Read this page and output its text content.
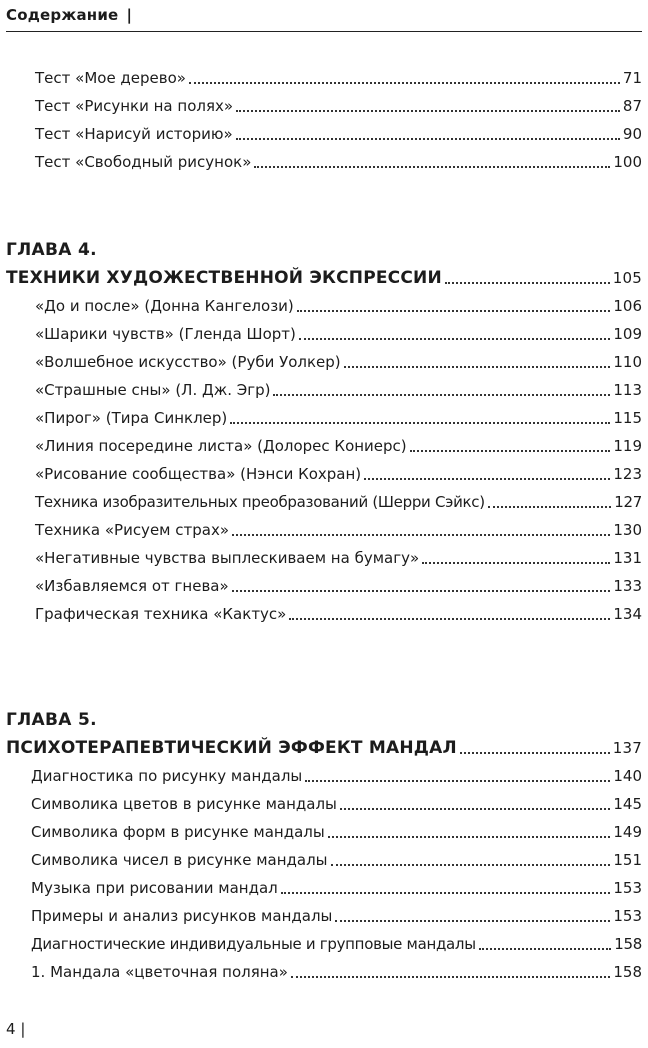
Содержание |
Тест «Мое дерево»	71
Тест «Рисунки на полях»	87
Тест «Нарисуй историю»	90
Тест «Свободный рисунок»	100
ГЛАВА 4.
ТЕХНИКИ ХУДОЖЕСТВЕННОЙ ЭКСПРЕССИИ	105
«До и после» (Донна Кангелози)	106
«Шарики чувств» (Гленда Шорт)	109
«Волшебное искусство» (Руби Уолкер)	110
«Страшные сны» (Л. Дж. Эгр)	113
«Пирог» (Тира Синклер)	115
«Линия посередине листа» (Долорес Кониерс)	119
«Рисование сообщества» (Нэнси Кохран)	123
Техника изобразительных преобразований (Шерри Сэйкс)	127
Техника «Рисуем страх»	130
«Негативные чувства выплескиваем на бумагу»	131
«Избавляемся от гнева»	133
Графическая техника «Кактус»	134
ГЛАВА 5.
ПСИХОТЕРАПЕВТИЧЕСКИЙ ЭФФЕКТ МАНДАЛ	137
Диагностика по рисунку мандалы	140
Символика цветов в рисунке мандалы	145
Символика форм в рисунке мандалы	149
Символика чисел в рисунке мандалы	151
Музыка при рисовании мандал	153
Примеры и анализ рисунков мандалы	153
Диагностические индивидуальные и групповые мандалы	158
1. Мандала «цветочная поляна»	158
4 |
